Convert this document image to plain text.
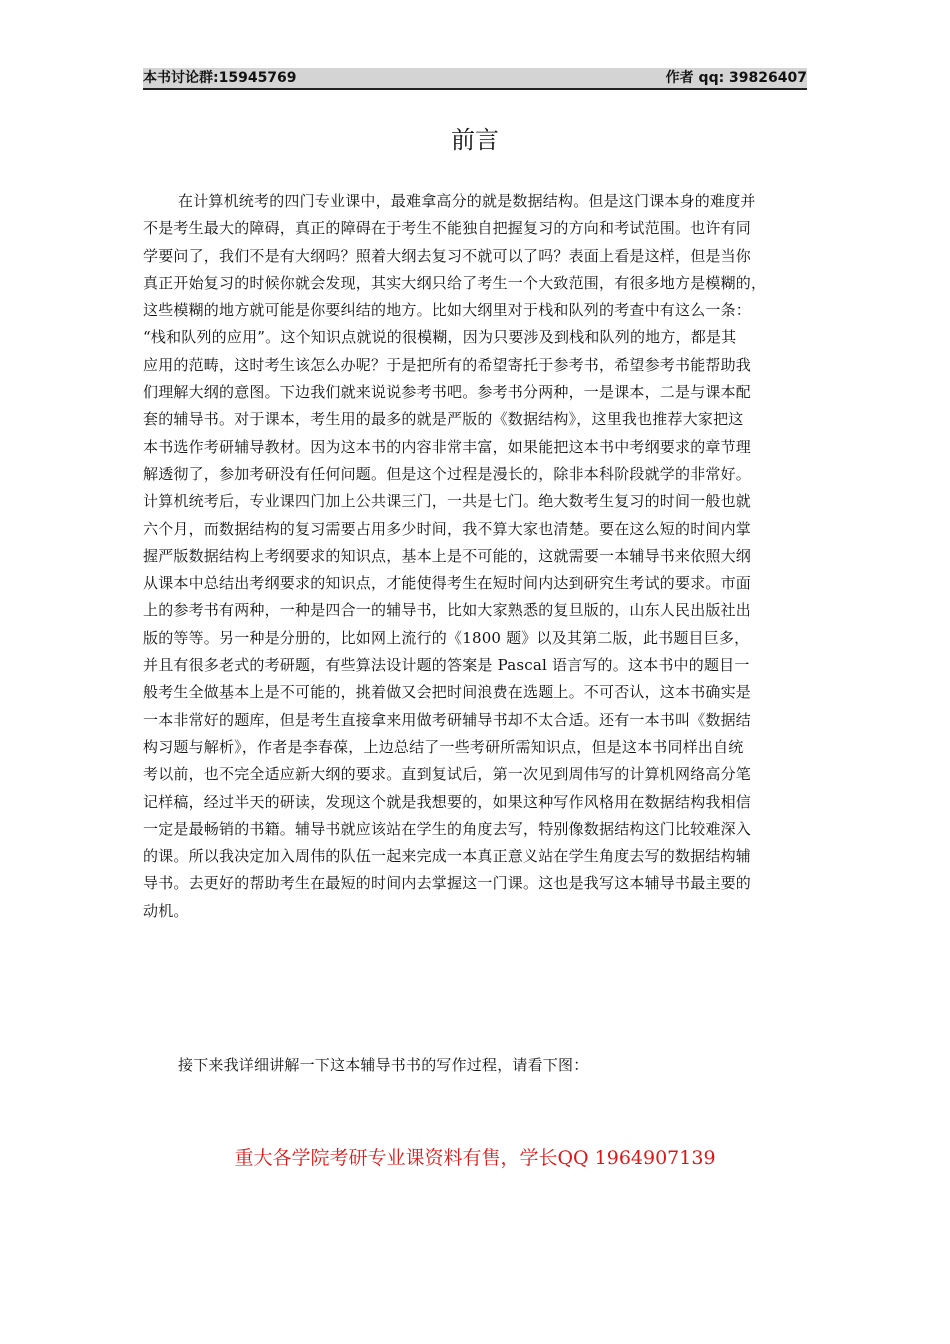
本书讨论群:15945769	作者 qq: 39826407
前言
在计算机统考的四门专业课中，最难拿高分的就是数据结构。但是这门课本身的难度并
不是考生最大的障碍，真正的障碍在于考生不能独自把握复习的方向和考试范围。也许有同
学要问了，我们不是有大纲吗？照着大纲去复习不就可以了吗？表面上看是这样，但是当你
真正开始复习的时候你就会发现，其实大纲只给了考生一个大致范围，有很多地方是模糊的，
这些模糊的地方就可能是你要纠结的地方。比如大纲里对于栈和队列的考查中有这么一条：
“栈和队列的应用”。这个知识点就说的很模糊，因为只要涉及到栈和队列的地方，都是其
应用的范畴，这时考生该怎么办呢？于是把所有的希望寄托于参考书，希望参考书能帮助我
们理解大纲的意图。下边我们就来说说参考书吧。参考书分两种，一是课本，二是与课本配
套的辅导书。对于课本，考生用的最多的就是严版的《数据结构》，这里我也推荐大家把这
本书选作考研辅导教材。因为这本书的内容非常丰富，如果能把这本书中考纲要求的章节理
解透彻了，参加考研没有任何问题。但是这个过程是漫长的，除非本科阶段就学的非常好。
计算机统考后，专业课四门加上公共课三门，一共是七门。绝大数考生复习的时间一般也就
六个月，而数据结构的复习需要占用多少时间，我不算大家也清楚。要在这么短的时间内掌
握严版数据结构上考纲要求的知识点，基本上是不可能的，这就需要一本辅导书来依照大纲
从课本中总结出考纲要求的知识点，才能使得考生在短时间内达到研究生考试的要求。市面
上的参考书有两种，一种是四合一的辅导书，比如大家熟悉的复旦版的，山东人民出版社出
版的等等。另一种是分册的，比如网上流行的《1800 题》以及其第二版，此书题目巨多，
并且有很多老式的考研题，有些算法设计题的答案是 Pascal 语言写的。这本书中的题目一
般考生全做基本上是不可能的，挑着做又会把时间浪费在选题上。不可否认，这本书确实是
一本非常好的题库，但是考生直接拿来用做考研辅导书却不太合适。还有一本书叫《数据结
构习题与解析》，作者是李春葆，上边总结了一些考研所需知识点，但是这本书同样出自统
考以前，也不完全适应新大纲的要求。直到复试后，第一次见到周伟写的计算机网络高分笔
记样稿，经过半天的研读，发现这个就是我想要的，如果这种写作风格用在数据结构我相信
一定是最畅销的书籍。辅导书就应该站在学生的角度去写，特别像数据结构这门比较难深入
的课。所以我决定加入周伟的队伍一起来完成一本真正意义站在学生角度去写的数据结构辅
导书。去更好的帮助考生在最短的时间内去掌握这一门课。这也是我写这本辅导书最主要的
动机。
接下来我详细讲解一下这本辅导书书的写作过程，请看下图：
重大各学院考研专业课资料有售，学长QQ 1964907139
